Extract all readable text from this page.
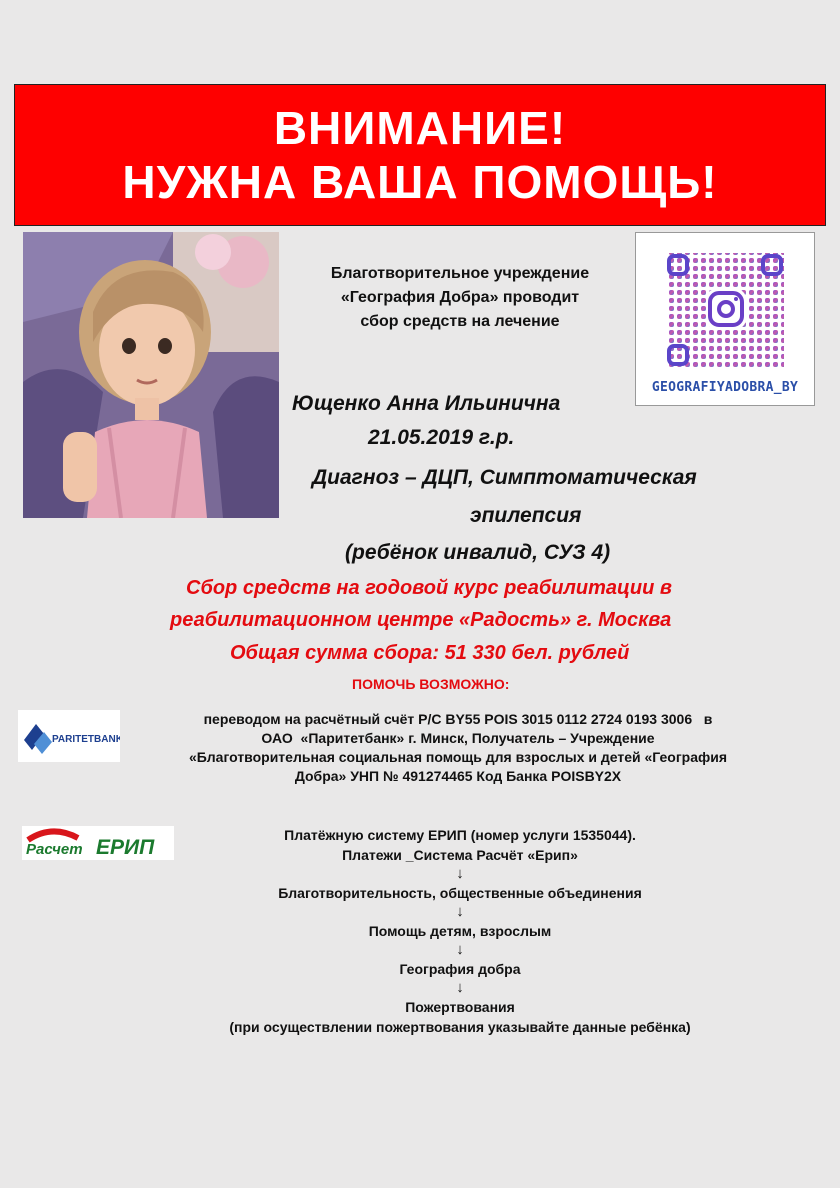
ВНИМАНИЕ!
НУЖНА ВАША ПОМОЩЬ!
Благотворительное учреждение
«География Добра» проводит
сбор средств на лечение
GEOGRAFIYADOBRA_BY
Ющенко Анна Ильинична
21.05.2019 г.р.
Диагноз – ДЦП, Симптоматическая
эпилепсия
(ребёнок инвалид, СУЗ 4)
Сбор средств на годовой курс реабилитации в
реабилитационном центре «Радость» г. Москва
Общая сумма сбора: 51 330 бел. рублей
ПОМОЧЬ ВОЗМОЖНО:
PARITETBANK
переводом на расчётный счёт Р/С BY55 POIS 3015 0112 2724 0193 3006   в
ОАО  «Паритетбанк» г. Минск, Получатель – Учреждение
«Благотворительная социальная помощь для взрослых и детей «География
Добра» УНП № 491274465 Код Банка POISBY2X
Расчет ЕРИП
Платёжную систему ЕРИП (номер услуги 1535044).
Платежи _Система Расчёт «Ерип»
↓
Благотворительность, общественные объединения
↓
Помощь детям, взрослым
↓
География добра
↓
Пожертвования
(при осуществлении пожертвования указывайте данные ребёнка)
